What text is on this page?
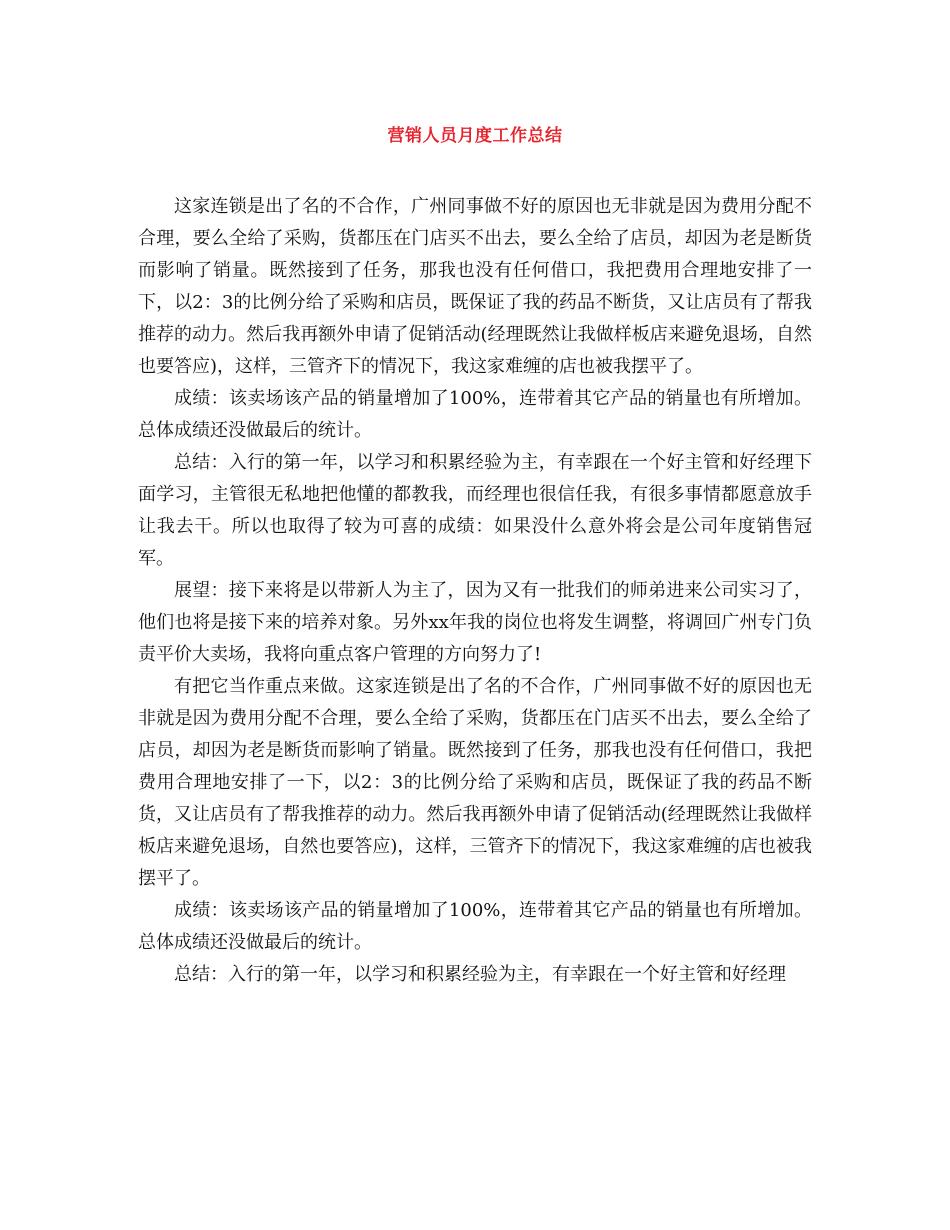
营销人员月度工作总结

这家连锁是出了名的不合作，广州同事做不好的原因也无非就是因为费用分配不合理，要么全给了采购，货都压在门店买不出去，要么全给了店员，却因为老是断货而影响了销量。既然接到了任务，那我也没有任何借口，我把费用合理地安排了一下，以2：3的比例分给了采购和店员，既保证了我的药品不断货，又让店员有了帮我推荐的动力。然后我再额外申请了促销活动(经理既然让我做样板店来避免退场，自然也要答应)，这样，三管齐下的情况下，我这家难缠的店也被我摆平了。

成绩：该卖场该产品的销量增加了100%，连带着其它产品的销量也有所增加。总体成绩还没做最后的统计。

总结：入行的第一年，以学习和积累经验为主，有幸跟在一个好主管和好经理下面学习，主管很无私地把他懂的都教我，而经理也很信任我，有很多事情都愿意放手让我去干。所以也取得了较为可喜的成绩：如果没什么意外将会是公司年度销售冠军。

展望：接下来将是以带新人为主了，因为又有一批我们的师弟进来公司实习了，他们也将是接下来的培养对象。另外xx年我的岗位也将发生调整，将调回广州专门负责平价大卖场，我将向重点客户管理的方向努力了!

有把它当作重点来做。这家连锁是出了名的不合作，广州同事做不好的原因也无非就是因为费用分配不合理，要么全给了采购，货都压在门店买不出去，要么全给了店员，却因为老是断货而影响了销量。既然接到了任务，那我也没有任何借口，我把费用合理地安排了一下，以2：3的比例分给了采购和店员，既保证了我的药品不断货，又让店员有了帮我推荐的动力。然后我再额外申请了促销活动(经理既然让我做样板店来避免退场，自然也要答应)，这样，三管齐下的情况下，我这家难缠的店也被我摆平了。

成绩：该卖场该产品的销量增加了100%，连带着其它产品的销量也有所增加。总体成绩还没做最后的统计。

总结：入行的第一年，以学习和积累经验为主，有幸跟在一个好主管和好经理
